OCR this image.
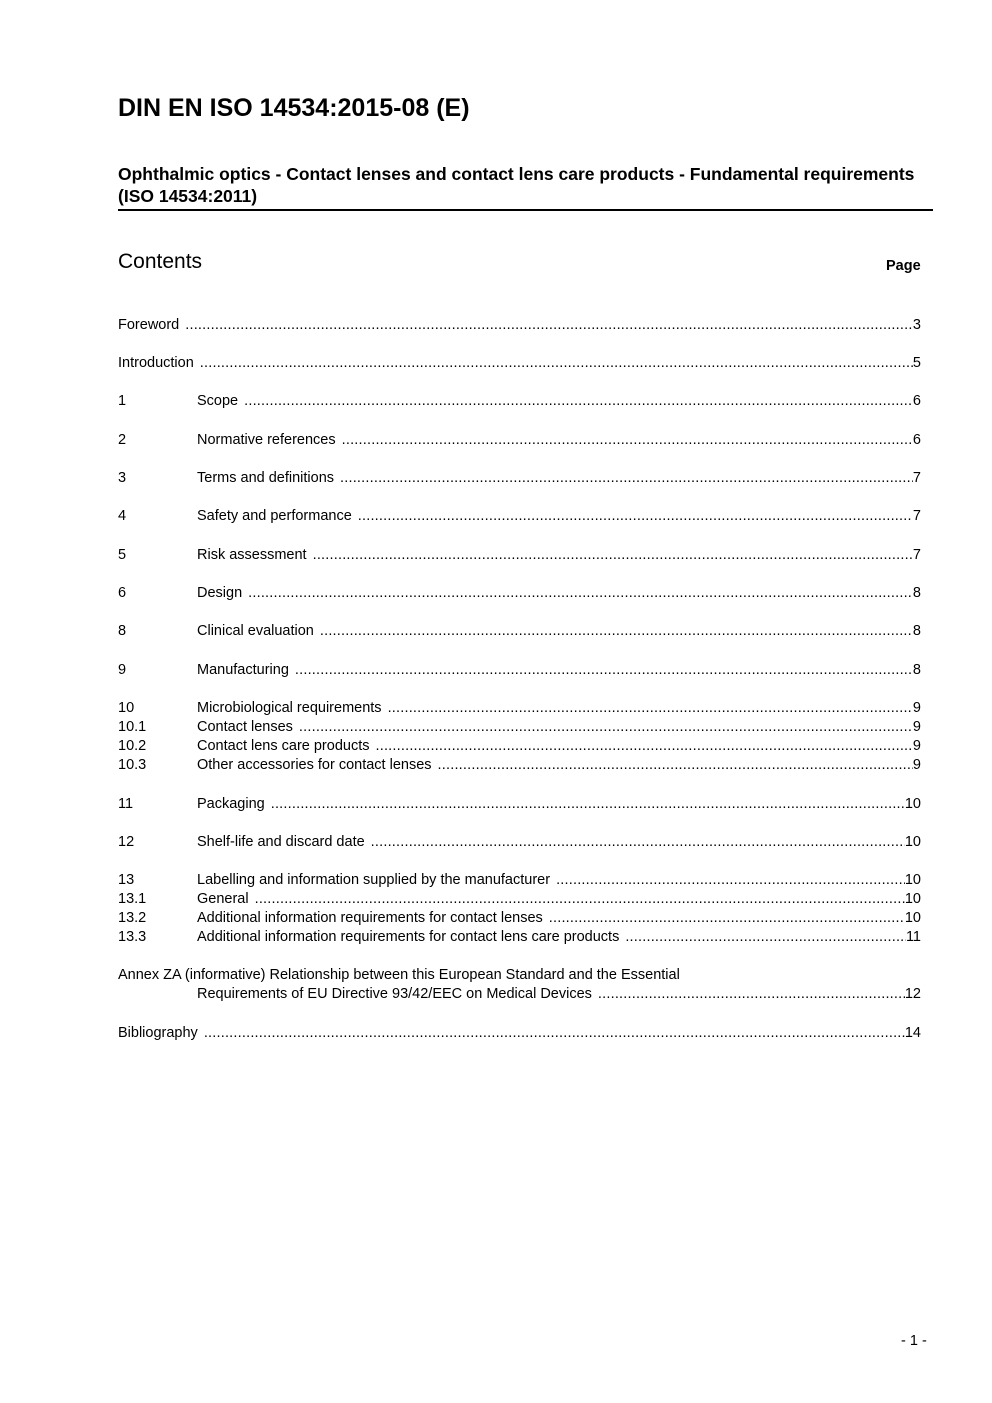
DIN EN ISO 14534:2015-08 (E)
Ophthalmic optics - Contact lenses and contact lens care products - Fundamental requirements (ISO 14534:2011)
Contents	Page
Foreword .....	3
Introduction .....	5
1	Scope .....	6
2	Normative references .....	6
3	Terms and definitions .....	7
4	Safety and performance .....	7
5	Risk assessment .....	7
6	Design .....	8
8	Clinical evaluation .....	8
9	Manufacturing .....	8
10	Microbiological requirements .....	9
10.1	Contact lenses .....	9
10.2	Contact lens care products .....	9
10.3	Other accessories for contact lenses .....	9
11	Packaging .....	10
12	Shelf-life and discard date .....	10
13	Labelling and information supplied by the manufacturer .....	10
13.1	General .....	10
13.2	Additional information requirements for contact lenses .....	10
13.3	Additional information requirements for contact lens care products .....	11
Annex ZA (informative) Relationship between this European Standard and the Essential
Requirements of EU Directive 93/42/EEC on Medical Devices .....	12
Bibliography .....	14
- 1 -
